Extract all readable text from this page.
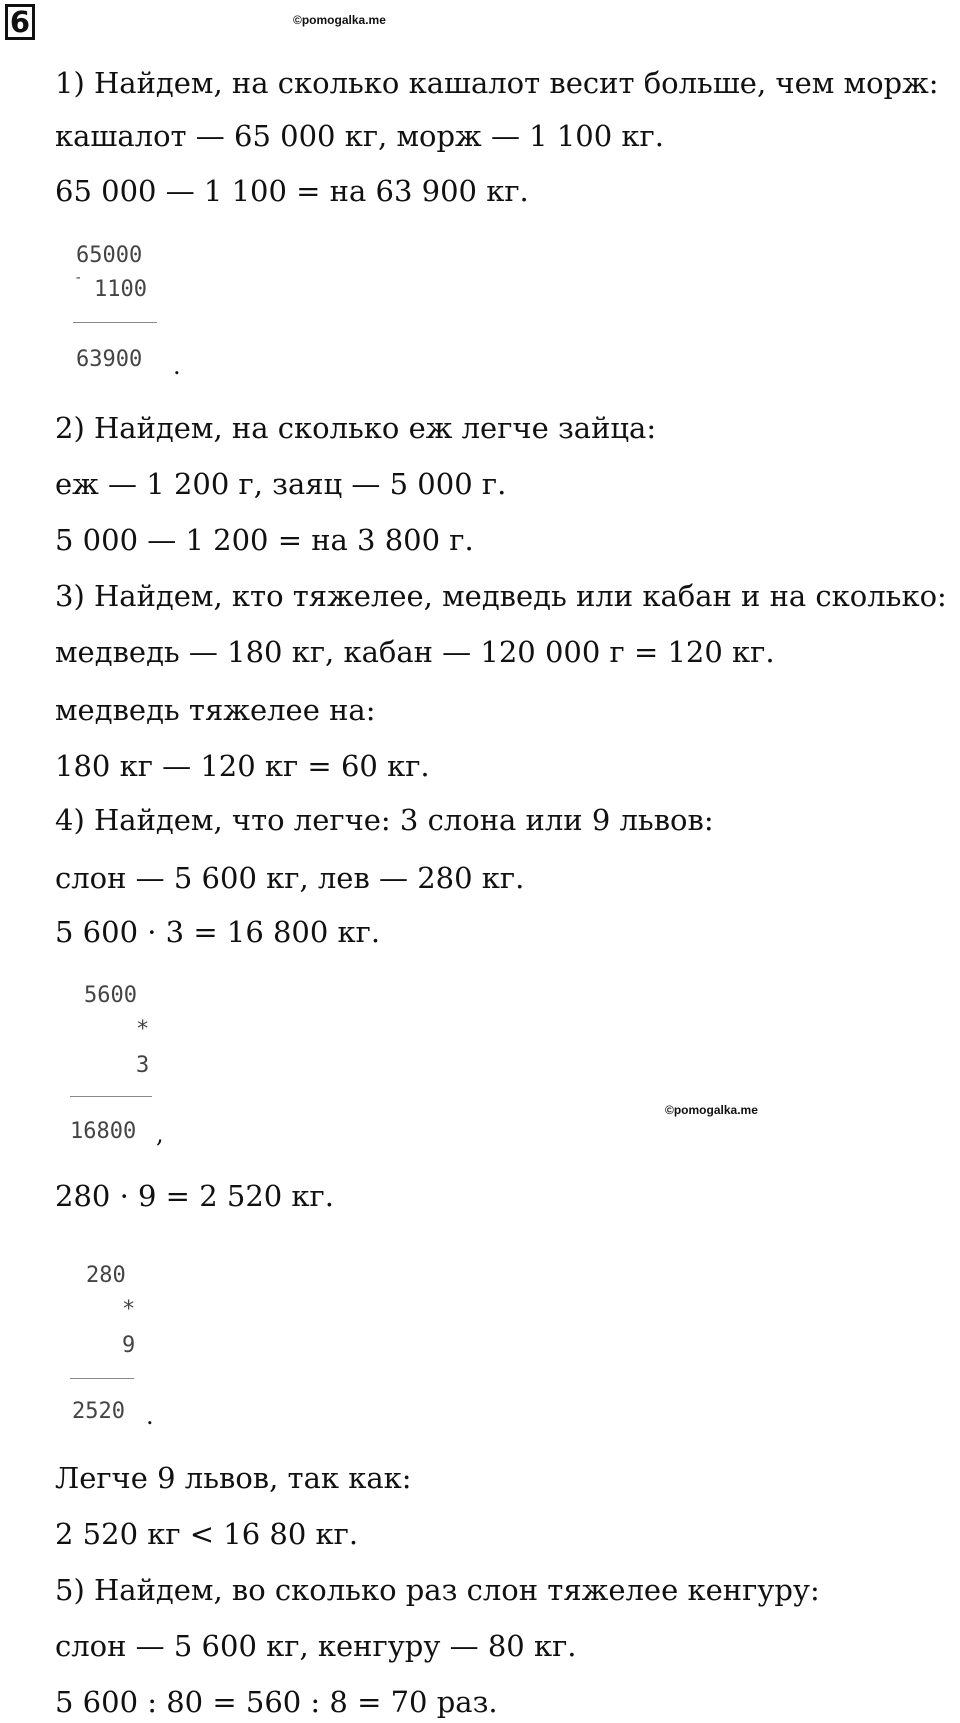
6	©pomogalka.me
©pomogalka.me
1) Найдем, на сколько кашалот весит больше, чем морж:
кашалот — 65 000 кг, морж — 1 100 кг.
65 000 — 1 100 = на 63 900 кг.
65000
- 1100
63900 .
2) Найдем, на сколько еж легче зайца:
еж — 1 200 г, заяц — 5 000 г.
5 000 — 1 200 = на 3 800 г.
3) Найдем, кто тяжелее, медведь или кабан и на сколько:
медведь — 180 кг, кабан — 120 000 г = 120 кг.
медведь тяжелее на:
180 кг — 120 кг = 60 кг.
4) Найдем, что легче: 3 слона или 9 львов:
слон — 5 600 кг, лев — 280 кг.
5 600 · 3 = 16 800 кг.
5600
*
3
16800 ,
280 · 9 = 2 520 кг.
280
*
9
2520 .
Легче 9 львов, так как:
2 520 кг < 16 80 кг.
5) Найдем, во сколько раз слон тяжелее кенгуру:
слон — 5 600 кг, кенгуру — 80 кг.
5 600 : 80 = 560 : 8 = 70 раз.
